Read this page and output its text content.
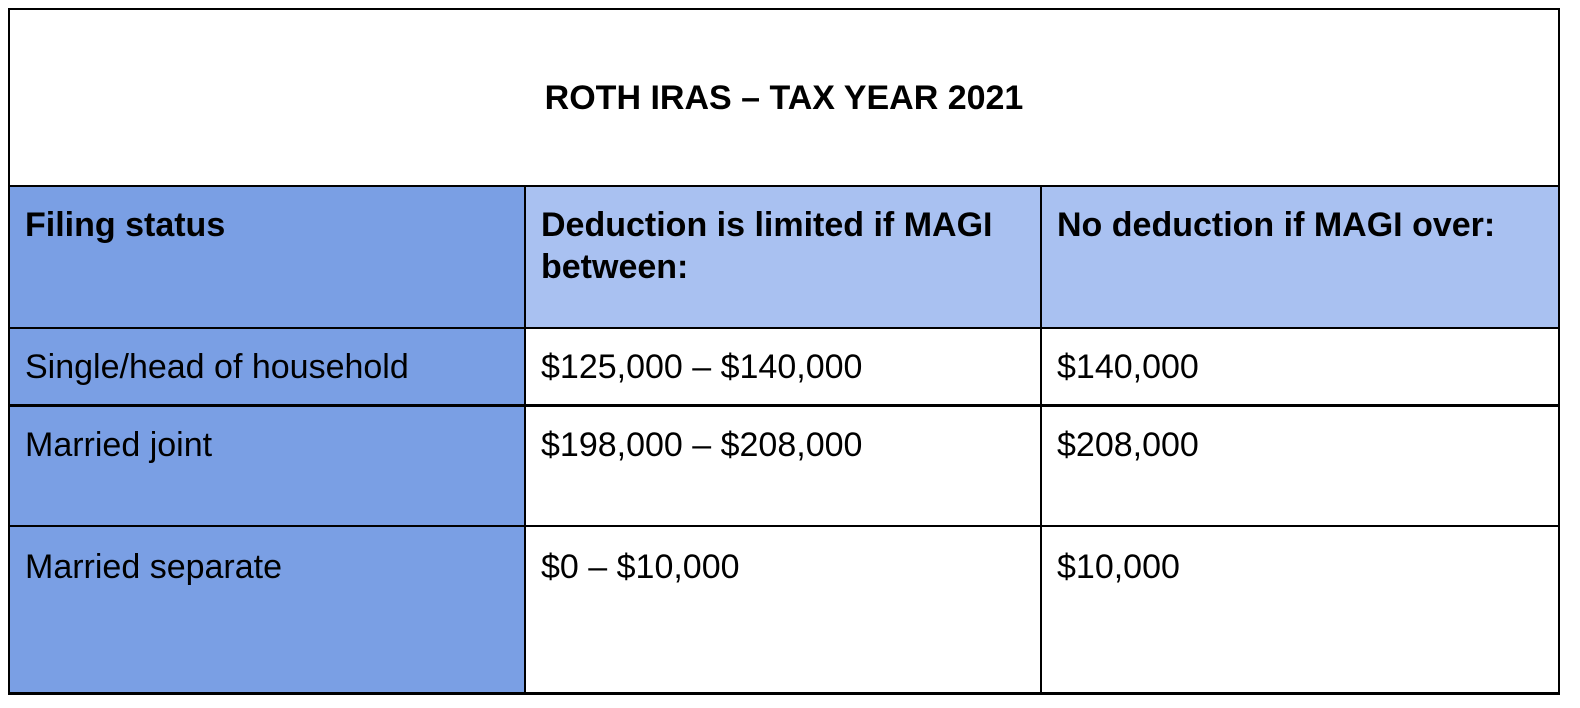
ROTH IRAS – TAX YEAR 2021		
Filing status	Deduction is limited if MAGI between:	No deduction if MAGI over:
Single/head of household	$125,000 – $140,000	$140,000
Married joint	$198,000 – $208,000	$208,000
Married separate	$0 – $10,000	$10,000
